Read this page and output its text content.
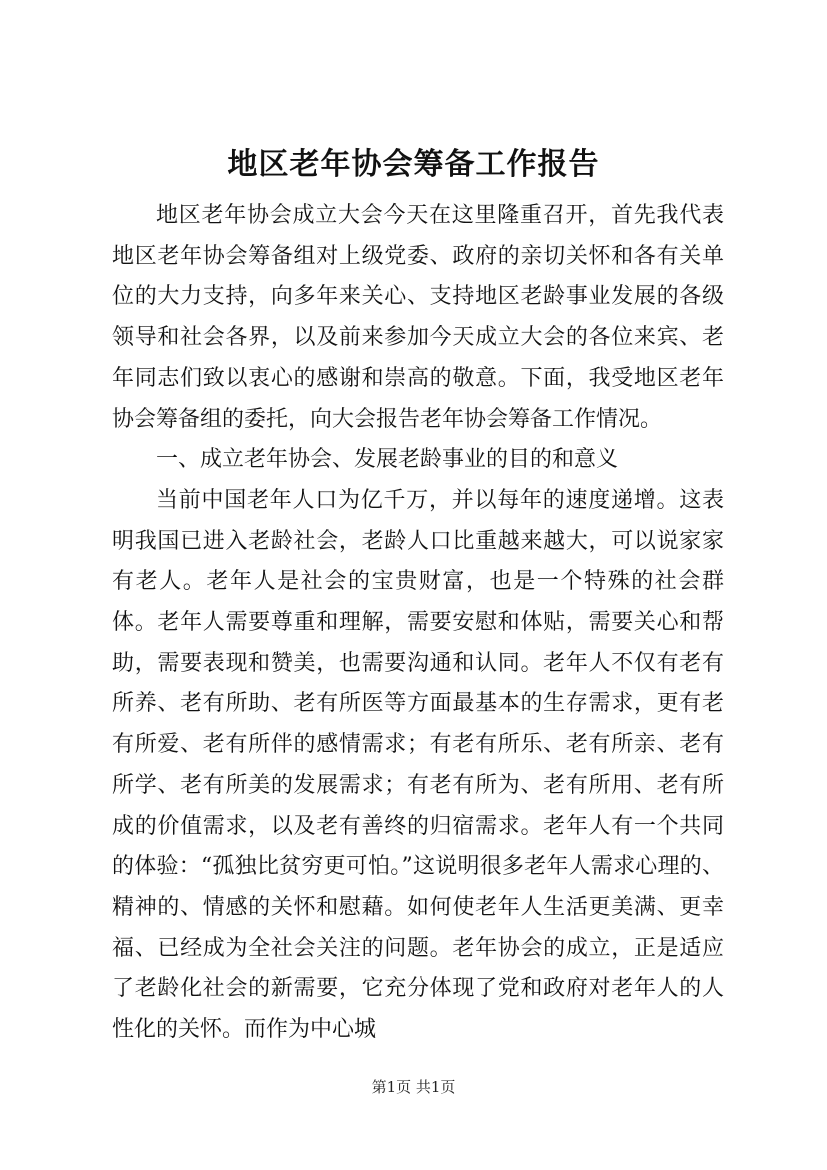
地区老年协会筹备工作报告

地区老年协会成立大会今天在这里隆重召开，首先我代表地区老年协会筹备组对上级党委、政府的亲切关怀和各有关单位的大力支持，向多年来关心、支持地区老龄事业发展的各级领导和社会各界，以及前来参加今天成立大会的各位来宾、老年同志们致以衷心的感谢和崇高的敬意。下面，我受地区老年协会筹备组的委托，向大会报告老年协会筹备工作情况。

一、成立老年协会、发展老龄事业的目的和意义

当前中国老年人口为亿千万，并以每年的速度递增。这表明我国已进入老龄社会，老龄人口比重越来越大，可以说家家有老人。老年人是社会的宝贵财富，也是一个特殊的社会群体。老年人需要尊重和理解，需要安慰和体贴，需要关心和帮助，需要表现和赞美，也需要沟通和认同。老年人不仅有老有所养、老有所助、老有所医等方面最基本的生存需求，更有老有所爱、老有所伴的感情需求；有老有所乐、老有所亲、老有所学、老有所美的发展需求；有老有所为、老有所用、老有所成的价值需求，以及老有善终的归宿需求。老年人有一个共同的体验：“孤独比贫穷更可怕。”这说明很多老年人需求心理的、精神的、情感的关怀和慰藉。如何使老年人生活更美满、更幸福、已经成为全社会关注的问题。老年协会的成立，正是适应了老龄化社会的新需要，它充分体现了党和政府对老年人的人性化的关怀。而作为中心城

第1页 共1页
